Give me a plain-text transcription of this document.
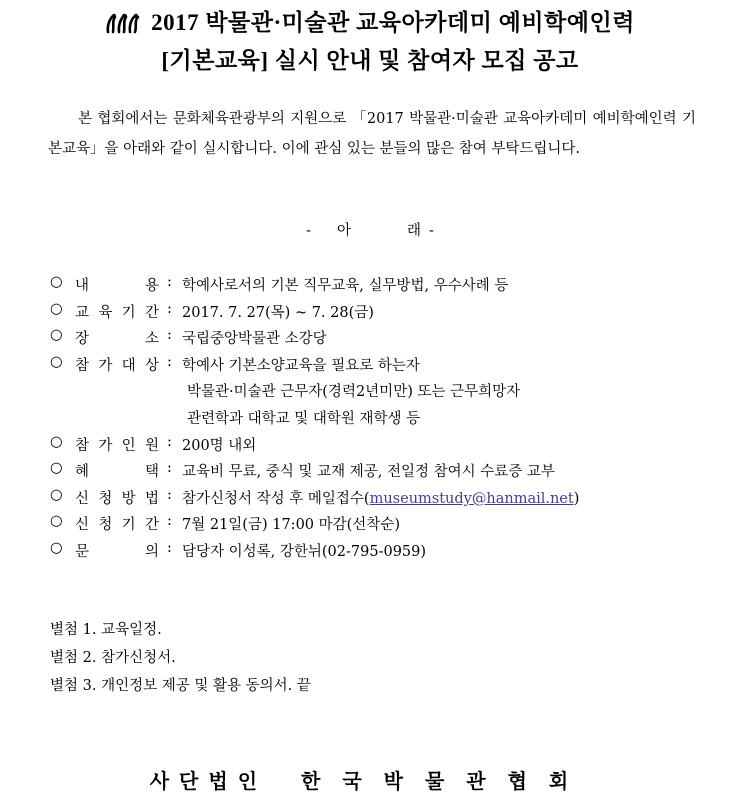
2017 박물관·미술관 교육아카데미 예비학예인력
[기본교육] 실시 안내 및 참여자 모집 공고
본 협회에서는 문화체육관광부의 지원으로 「2017 박물관·미술관 교육아카데미 예비학예인력 기본교육」을 아래와 같이 실시합니다. 이에 관심 있는 분들의 많은 참여 부탁드립니다.
- 아	래 -
○ 내	용 : 학예사로서의 기본 직무교육, 실무방법, 우수사례 등
○ 교 육 기 간 : 2017. 7. 27(목) ~ 7. 28(금)
○ 장	소 : 국립중앙박물관 소강당
○ 참 가 대 상 : 학예사 기본소양교육을 필요로 하는자
박물관·미술관 근무자(경력2년미만) 또는 근무희망자
관련학과 대학교 및 대학원 재학생 등
○ 참 가 인 원 : 200명 내외
○ 혜	택 : 교육비 무료, 중식 및 교재 제공, 전일정 참여시 수료증 교부
○ 신 청 방 법 : 참가신청서 작성 후 메일접수(museumstudy@hanmail.net)
○ 신 청 기 간 : 7월 21일(금) 17:00 마감(선착순)
○ 문	의 : 담당자 이성록, 강한뉘(02-795-0959)
별첨 1. 교육일정.
별첨 2. 참가신청서.
별첨 3. 개인정보 제공 및 활용 동의서. 끝
사단법인 한국박물관협회
